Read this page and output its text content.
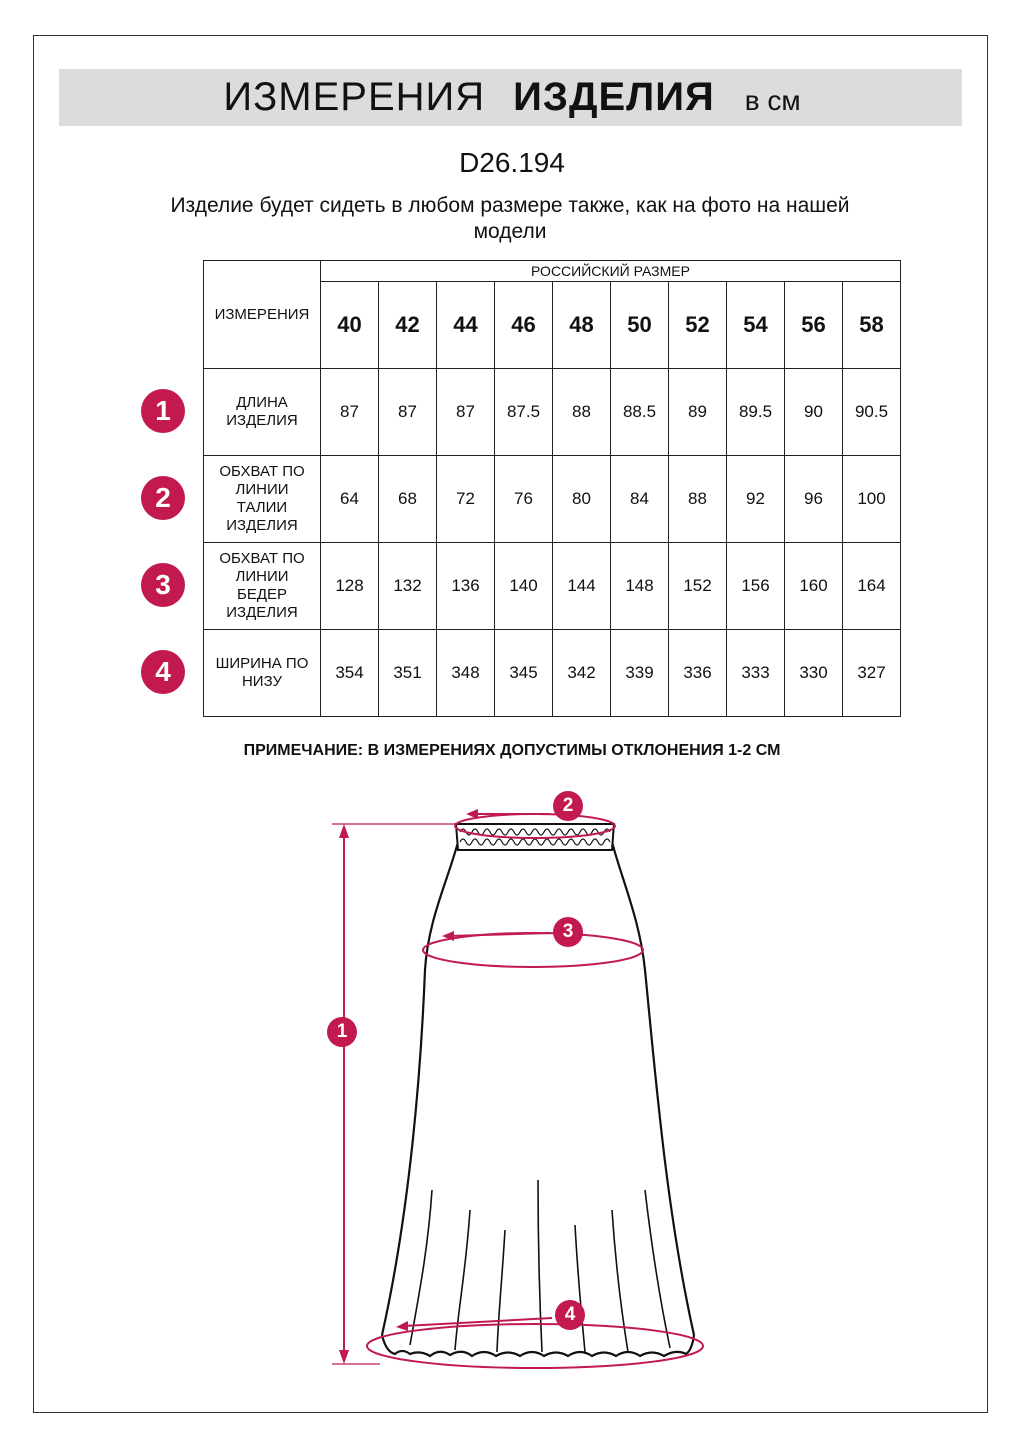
ИЗМЕРЕНИЯ ИЗДЕЛИЯ в см
D26.194
Изделие будет сидеть в любом размере также, как на фото на нашей модели
ИЗМЕРЕНИЯ	РОССИЙСКИЙ РАЗМЕР									
	40	42	44	46	48	50	52	54	56	58
ДЛИНА ИЗДЕЛИЯ	87	87	87	87.5	88	88.5	89	89.5	90	90.5
ОБХВАТ ПО ЛИНИИ ТАЛИИ ИЗДЕЛИЯ	64	68	72	76	80	84	88	92	96	100
ОБХВАТ ПО ЛИНИИ БЕДЕР ИЗДЕЛИЯ	128	132	136	140	144	148	152	156	160	164
ШИРИНА ПО НИЗУ	354	351	348	345	342	339	336	333	330	327
1
2
3
4
ПРИМЕЧАНИЕ: В ИЗМЕРЕНИЯХ ДОПУСТИМЫ ОТКЛОНЕНИЯ 1-2 СМ
2
3
1
4
